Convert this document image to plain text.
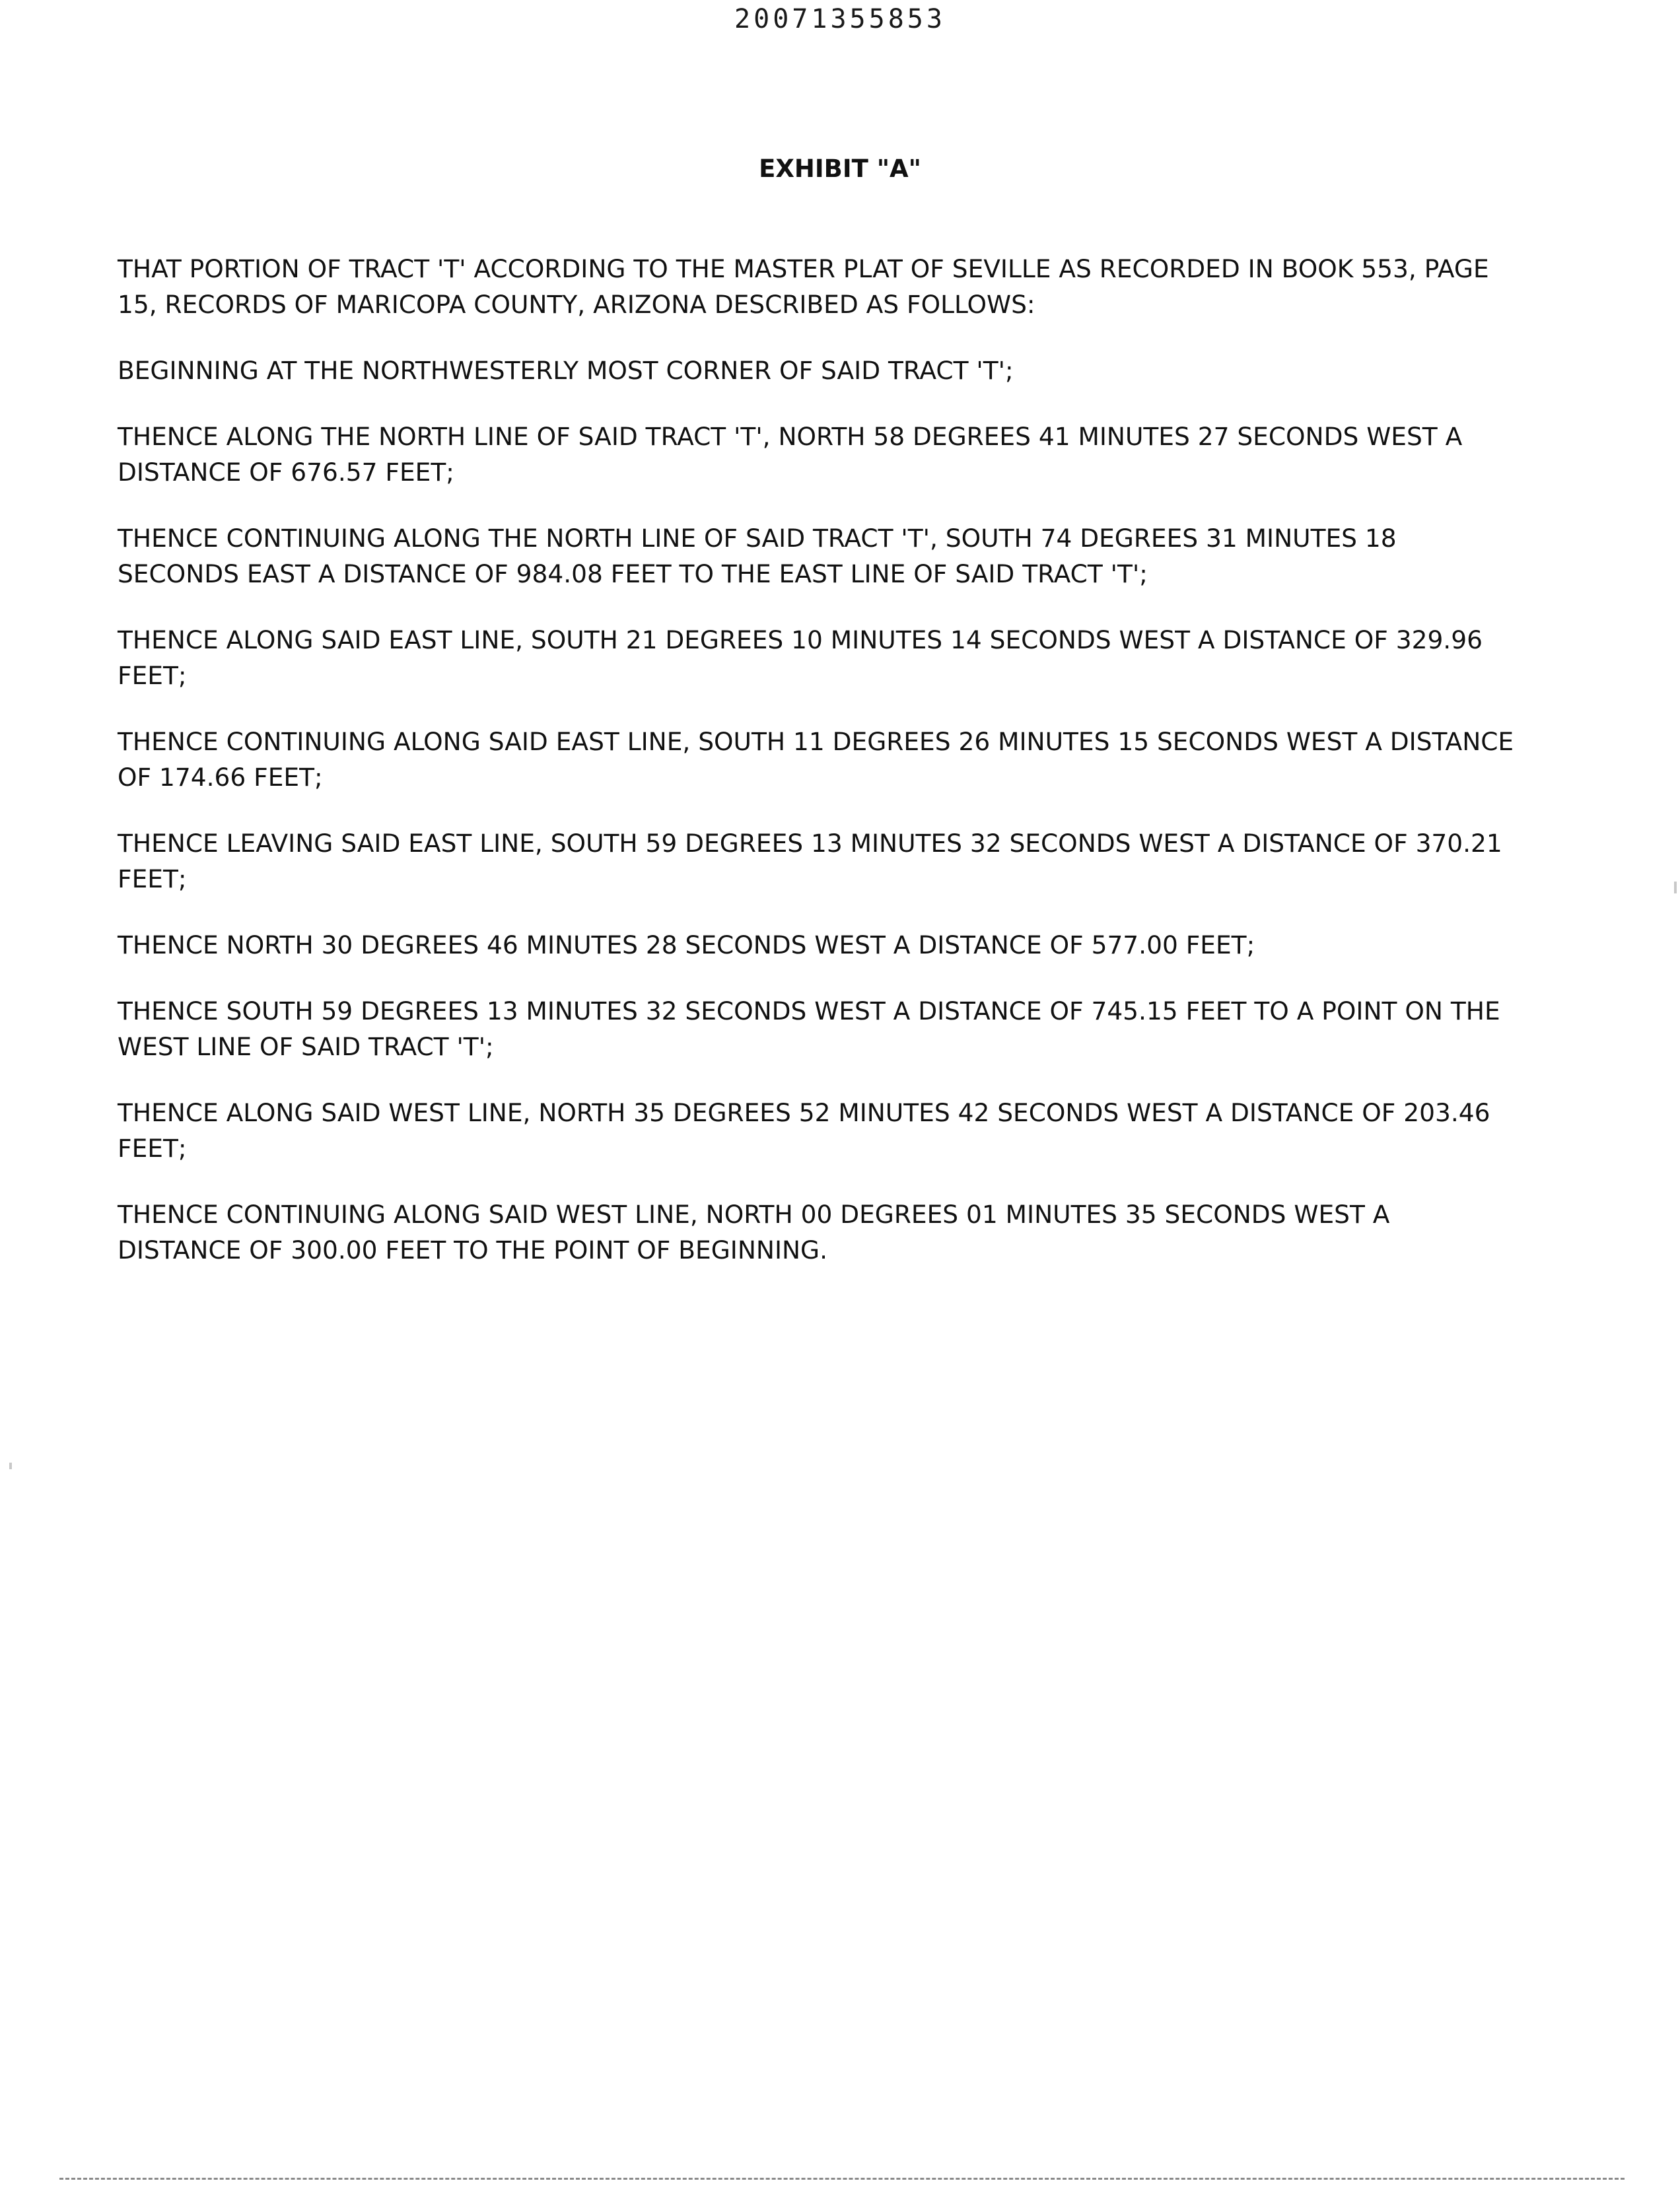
20071355853
EXHIBIT "A"

THAT PORTION OF TRACT 'T' ACCORDING TO THE MASTER PLAT OF SEVILLE AS RECORDED IN BOOK 553, PAGE 15, RECORDS OF MARICOPA COUNTY, ARIZONA DESCRIBED AS FOLLOWS:

BEGINNING AT THE NORTHWESTERLY MOST CORNER OF SAID TRACT 'T';

THENCE ALONG THE NORTH LINE OF SAID TRACT 'T', NORTH 58 DEGREES 41 MINUTES 27 SECONDS WEST A DISTANCE OF 676.57 FEET;

THENCE CONTINUING ALONG THE NORTH LINE OF SAID TRACT 'T', SOUTH 74 DEGREES 31 MINUTES 18 SECONDS EAST A DISTANCE OF 984.08 FEET TO THE EAST LINE OF SAID TRACT 'T';

THENCE ALONG SAID EAST LINE, SOUTH 21 DEGREES 10 MINUTES 14 SECONDS WEST A DISTANCE OF 329.96 FEET;

THENCE CONTINUING ALONG SAID EAST LINE, SOUTH 11 DEGREES 26 MINUTES 15 SECONDS WEST A DISTANCE OF 174.66 FEET;

THENCE LEAVING SAID EAST LINE, SOUTH 59 DEGREES 13 MINUTES 32 SECONDS WEST A DISTANCE OF 370.21 FEET;

THENCE NORTH 30 DEGREES 46 MINUTES 28 SECONDS WEST A DISTANCE OF 577.00 FEET;

THENCE SOUTH 59 DEGREES 13 MINUTES 32 SECONDS WEST A DISTANCE OF 745.15 FEET TO A POINT ON THE WEST LINE OF SAID TRACT 'T';

THENCE ALONG SAID WEST LINE, NORTH 35 DEGREES 52 MINUTES 42 SECONDS WEST A DISTANCE OF 203.46 FEET;

THENCE CONTINUING ALONG SAID WEST LINE, NORTH 00 DEGREES 01 MINUTES 35 SECONDS WEST A DISTANCE OF 300.00 FEET TO THE POINT OF BEGINNING.
